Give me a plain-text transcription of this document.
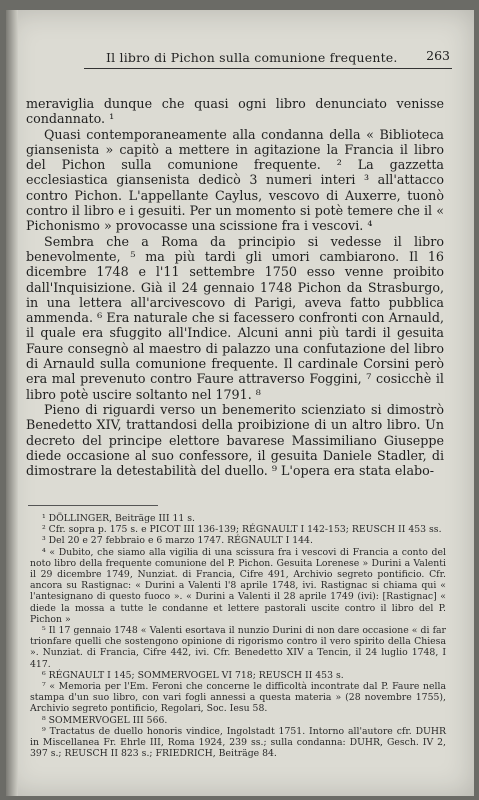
Il libro di Pichon sulla comunione frequente. 263

meraviglia dunque che quasi ogni libro denunciato venisse condannato. ¹

Quasi contemporaneamente alla condanna della « Biblioteca giansenista » capitò a mettere in agitazione la Francia il libro del Pichon sulla comunione frequente. ² La gazzetta ecclesiastica giansenista dedicò 3 numeri interi ³ all'attacco contro Pichon. L'appellante Caylus, vescovo di Auxerre, tuonò contro il libro e i gesuiti. Per un momento si potè temere che il « Pichonismo » provocasse una scissione fra i vescovi. ⁴

Sembra che a Roma da principio si vedesse il libro benevolmente, ⁵ ma più tardi gli umori cambiarono. Il 16 dicembre 1748 e l'11 settembre 1750 esso venne proibito dall'Inquisizione. Già il 24 gennaio 1748 Pichon da Strasburgo, in una lettera all'arcivescovo di Parigi, aveva fatto pubblica ammenda. ⁶ Era naturale che si facessero confronti con Arnauld, il quale era sfuggito all'Indice. Alcuni anni più tardi il gesuita Faure consegnò al maestro di palazzo una confutazione del libro di Arnauld sulla comunione frequente. Il cardinale Corsini però era mal prevenuto contro Faure attraverso Foggini, ⁷ cosicchè il libro potè uscire soltanto nel 1791. ⁸

Pieno di riguardi verso un benemerito scienziato si dimostrò Benedetto XIV, trattandosi della proibizione di un altro libro. Un decreto del principe elettore bavarese Massimiliano Giuseppe diede occasione al suo confessore, il gesuita Daniele Stadler, di dimostrare la detestabilità del duello. ⁹ L'opera era stata elabo-

¹ DÖLLINGER, Beiträge III 11 s.

² Cfr. sopra p. 175 s. e PICOT III 136-139; RÉGNAULT I 142-153; REUSCH II 453 ss.

³ Del 20 e 27 febbraio e 6 marzo 1747. RÉGNAULT I 144.

⁴ « Dubito, che siamo alla vigilia di una scissura fra i vescovi di Francia a conto del noto libro della frequente comunione del P. Pichon. Gesuita Lorenese » Durini a Valenti il 29 dicembre 1749, Nunziat. di Francia, Cifre 491, Archivio segreto pontificio. Cfr. ancora su Rastignac: « Durini a Valenti l'8 aprile 1748, ivi. Rastignac si chiama qui « l'antesignano di questo fuoco ». « Durini a Valenti il 28 aprile 1749 (ivi): [Rastignac] « diede la mossa a tutte le condanne et lettere pastorali uscite contro il libro del P. Pichon »

⁵ Il 17 gennaio 1748 « Valenti esortava il nunzio Durini di non dare occasione « di far trionfare quelli che sostengono opinione di rigorismo contro il vero spirito della Chiesa ». Nunziat. di Francia, Cifre 442, ivi. Cfr. Benedetto XIV a Tencin, il 24 luglio 1748, I 417.

⁶ RÉGNAULT I 145; SOMMERVOGEL VI 718; REUSCH II 453 s.

⁷ « Memoria per l'Em. Feroni che concerne le difficoltà incontrate dal P. Faure nella stampa d'un suo libro, con vari fogli annessi a questa materia » (28 novembre 1755), Archivio segreto pontificio, Regolari, Soc. Iesu 58.

⁸ SOMMERVOGEL III 566.

⁹ Tractatus de duello honoris vindice, Ingolstadt 1751. Intorno all'autore cfr. DUHR in Miscellanea Fr. Ehrle III, Roma 1924, 239 ss.; sulla condanna: DUHR, Gesch. IV 2, 397 s.; REUSCH II 823 s.; FRIEDRICH, Beiträge 84.
